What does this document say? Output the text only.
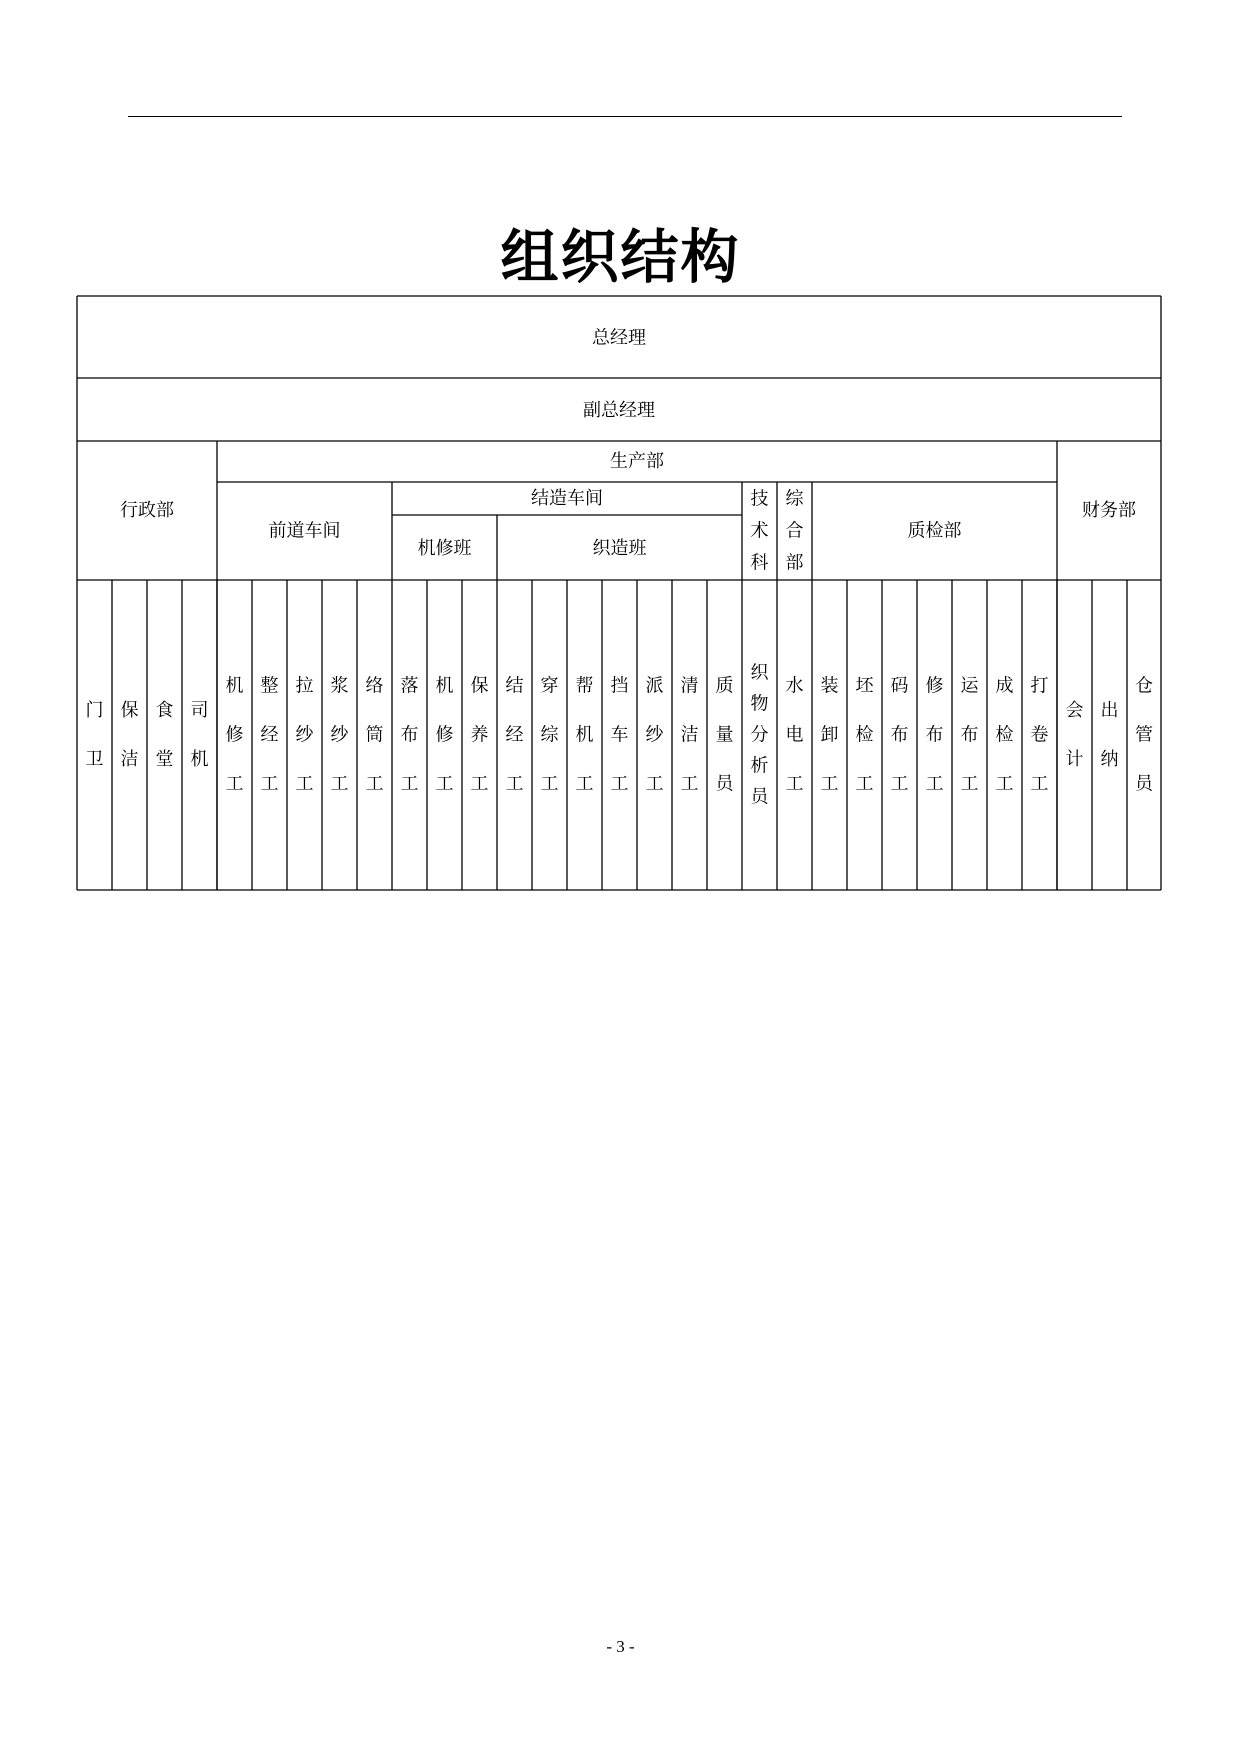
组织结构
总经理
副总经理
行政部
生产部
财务部
前道车间
结造车间
机修班	织造班
技
术
科
综
合
部
质检部
门
卫
保
洁
食
堂
司
机
机
修
工
整
经
工
拉
纱
工
浆
纱
工
络
筒
工
落
布
工
机
修
工
保
养
工
结
经
工
穿
综
工
帮
机
工
挡
车
工
派
纱
工
清
洁
工
质
量
员
织
物
分
析
员
水
电
工
装
卸
工
坯
检
工
码
布
工
修
布
工
运
布
工
成
检
工
打
卷
工
会
计
出
纳
仓
管
员
- 3 -
